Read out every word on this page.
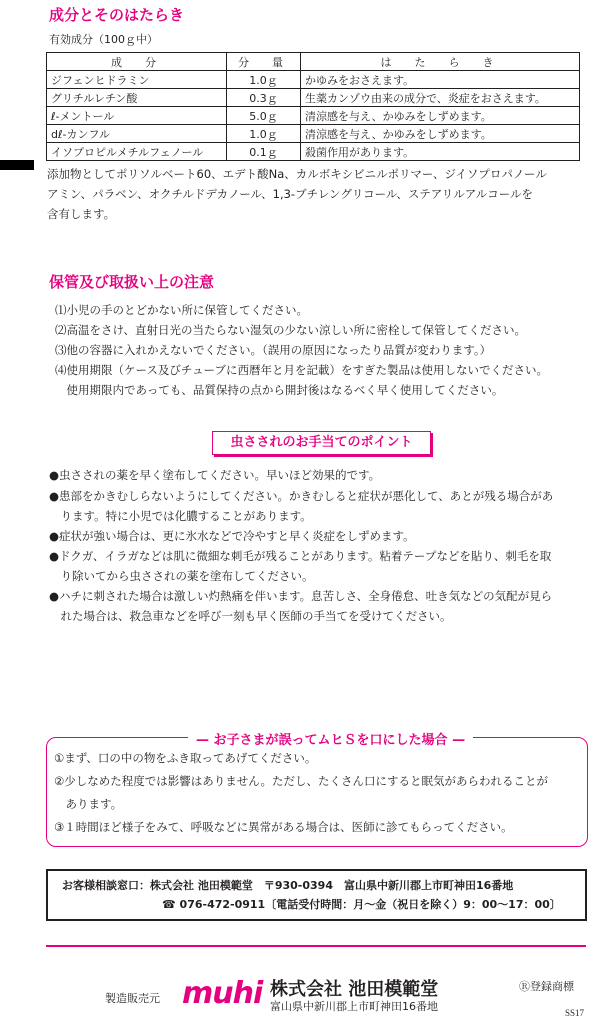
成分とそのはたらき
有効成分（100ｇ中）
成　分	分　量	は　た　ら　き
ジフェンヒドラミン	1.0ｇ	かゆみをおさえます。
グリチルレチン酸	0.3ｇ	生薬カンゾウ由来の成分で、炎症をおさえます。
ℓ-メントール	5.0ｇ	清涼感を与え、かゆみをしずめます。
dℓ-カンフル	1.0ｇ	清涼感を与え、かゆみをしずめます。
イソプロピルメチルフェノール	0.1ｇ	殺菌作用があります。
添加物としてポリソルベート60、エデト酸Na、カルボキシビニルポリマー、ジイソプロパノール
アミン、パラベン、オクチルドデカノール、1,3-ブチレングリコール、ステアリルアルコールを
含有します。
保管及び取扱い上の注意
⑴小児の手のとどかない所に保管してください。
⑵高温をさけ、直射日光の当たらない湿気の少ない涼しい所に密栓して保管してください。
⑶他の容器に入れかえないでください。（誤用の原因になったり品質が変わります。）
⑷使用期限（ケース及びチューブに西暦年と月を記載）をすぎた製品は使用しないでください。
　使用期限内であっても、品質保持の点から開封後はなるべく早く使用してください。
虫さされのお手当てのポイント
●虫さされの薬を早く塗布してください。早いほど効果的です。
●患部をかきむしらないようにしてください。かきむしると症状が悪化して、あとが残る場合があ
　ります。特に小児では化膿することがあります。
●症状が強い場合は、更に氷水などで冷やすと早く炎症をしずめます。
●ドクガ、イラガなどは肌に微細な刺毛が残ることがあります。粘着テープなどを貼り、刺毛を取
　り除いてから虫さされの薬を塗布してください。
●ハチに刺された場合は激しい灼熱痛を伴います。息苦しさ、全身倦怠、吐き気などの気配が見ら
　れた場合は、救急車などを呼び一刻も早く医師の手当てを受けてください。
— お子さまが誤ってムヒＳを口にした場合 —
①まず、口の中の物をふき取ってあげてください。
②少しなめた程度では影響はありません。ただし、たくさん口にすると眠気があらわれることが
　あります。
③１時間ほど様子をみて、呼吸などに異常がある場合は、医師に診てもらってください。
お客様相談窓口：株式会社 池田模範堂　〒930-0394　富山県中新川郡上市町神田16番地
☎ 076-472-0911〔電話受付時間：月～金（祝日を除く）9：00～17：00〕
製造販売元 muhi 株式会社 池田模範堂
富山県中新川郡上市町神田16番地
Ⓡ登録商標
SS17
